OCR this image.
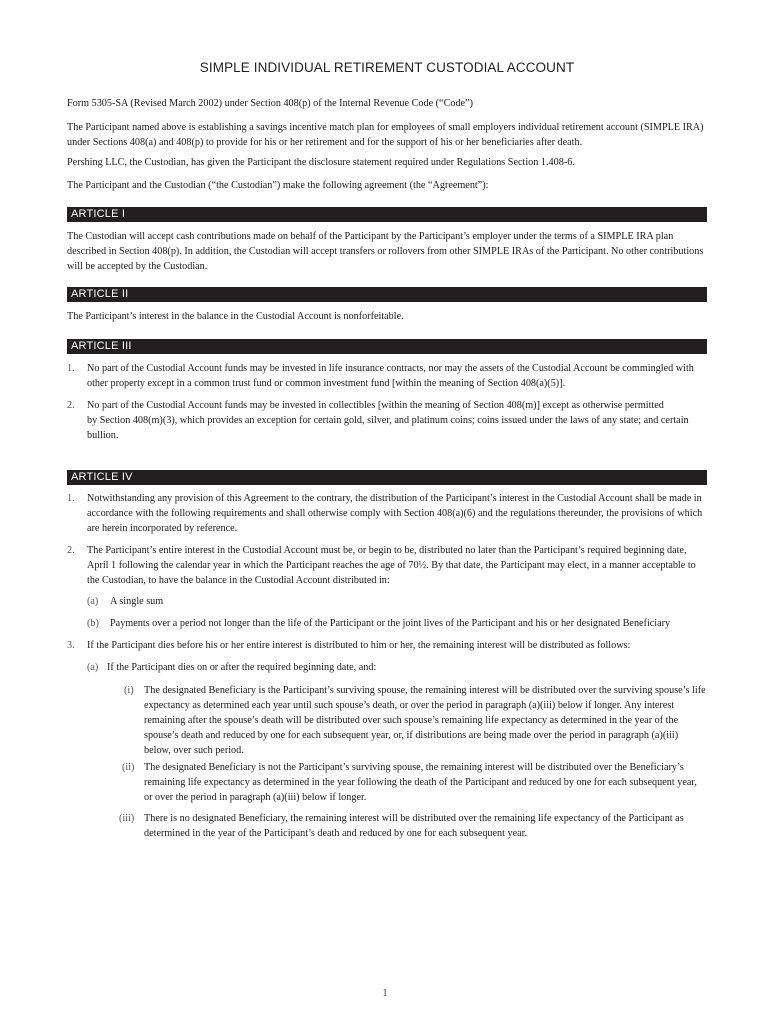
SIMPLE INDIVIDUAL RETIREMENT CUSTODIAL ACCOUNT

Form 5305-SA (Revised March 2002) under Section 408(p) of the Internal Revenue Code (“Code”)

The Participant named above is establishing a savings incentive match plan for employees of small employers individual retirement account (SIMPLE IRA) under Sections 408(a) and 408(p) to provide for his or her retirement and for the support of his or her beneficiaries after death.

Pershing LLC, the Custodian, has given the Participant the disclosure statement required under Regulations Section 1.408-6.

The Participant and the Custodian (“the Custodian”) make the following agreement (the “Agreement”):

ARTICLE I

The Custodian will accept cash contributions made on behalf of the Participant by the Participant’s employer under the terms of a SIMPLE IRA plan described in Section 408(p). In addition, the Custodian will accept transfers or rollovers from other SIMPLE IRAs of the Participant. No other contributions will be accepted by the Custodian.

ARTICLE II

The Participant’s interest in the balance in the Custodial Account is nonforfeitable.

ARTICLE III
1. No part of the Custodial Account funds may be invested in life insurance contracts, nor may the assets of the Custodial Account be commingled with other property except in a common trust fund or common investment fund [within the meaning of Section 408(a)(5)].
2. No part of the Custodial Account funds may be invested in collectibles [within the meaning of Section 408(m)] except as otherwise permitted
by Section 408(m)(3), which provides an exception for certain gold, silver, and platinum coins; coins issued under the laws of any state; and certain bullion.
ARTICLE IV
1. Notwithstanding any provision of this Agreement to the contrary, the distribution of the Participant’s interest in the Custodial Account shall be made in accordance with the following requirements and shall otherwise comply with Section 408(a)(6) and the regulations thereunder, the provisions of which are herein incorporated by reference.
2. The Participant’s entire interest in the Custodial Account must be, or begin to be, distributed no later than the Participant’s required beginning date, April 1 following the calendar year in which the Participant reaches the age of 70½. By that date, the Participant may elect, in a manner acceptable to the Custodian, to have the balance in the Custodial Account distributed in:
(a) A single sum
(b) Payments over a period not longer than the life of the Participant or the joint lives of the Participant and his or her designated Beneficiary
3. If the Participant dies before his or her entire interest is distributed to him or her, the remaining interest will be distributed as follows:
(a) If the Participant dies on or after the required beginning date, and:
(i) The designated Beneficiary is the Participant’s surviving spouse, the remaining interest will be distributed over the surviving spouse’s life expectancy as determined each year until such spouse’s death, or over the period in paragraph (a)(iii) below if longer. Any interest remaining after the spouse’s death will be distributed over such spouse’s remaining life expectancy as determined in the year of the spouse’s death and reduced by one for each subsequent year, or, if distributions are being made over the period in paragraph (a)(iii) below, over such period.
(ii) The designated Beneficiary is not the Participant’s surviving spouse, the remaining interest will be distributed over the Beneficiary’s remaining life expectancy as determined in the year following the death of the Participant and reduced by one for each subsequent year, or over the period in paragraph (a)(iii) below if longer.
(iii) There is no designated Beneficiary, the remaining interest will be distributed over the remaining life expectancy of the Participant as determined in the year of the Participant’s death and reduced by one for each subsequent year.
1
